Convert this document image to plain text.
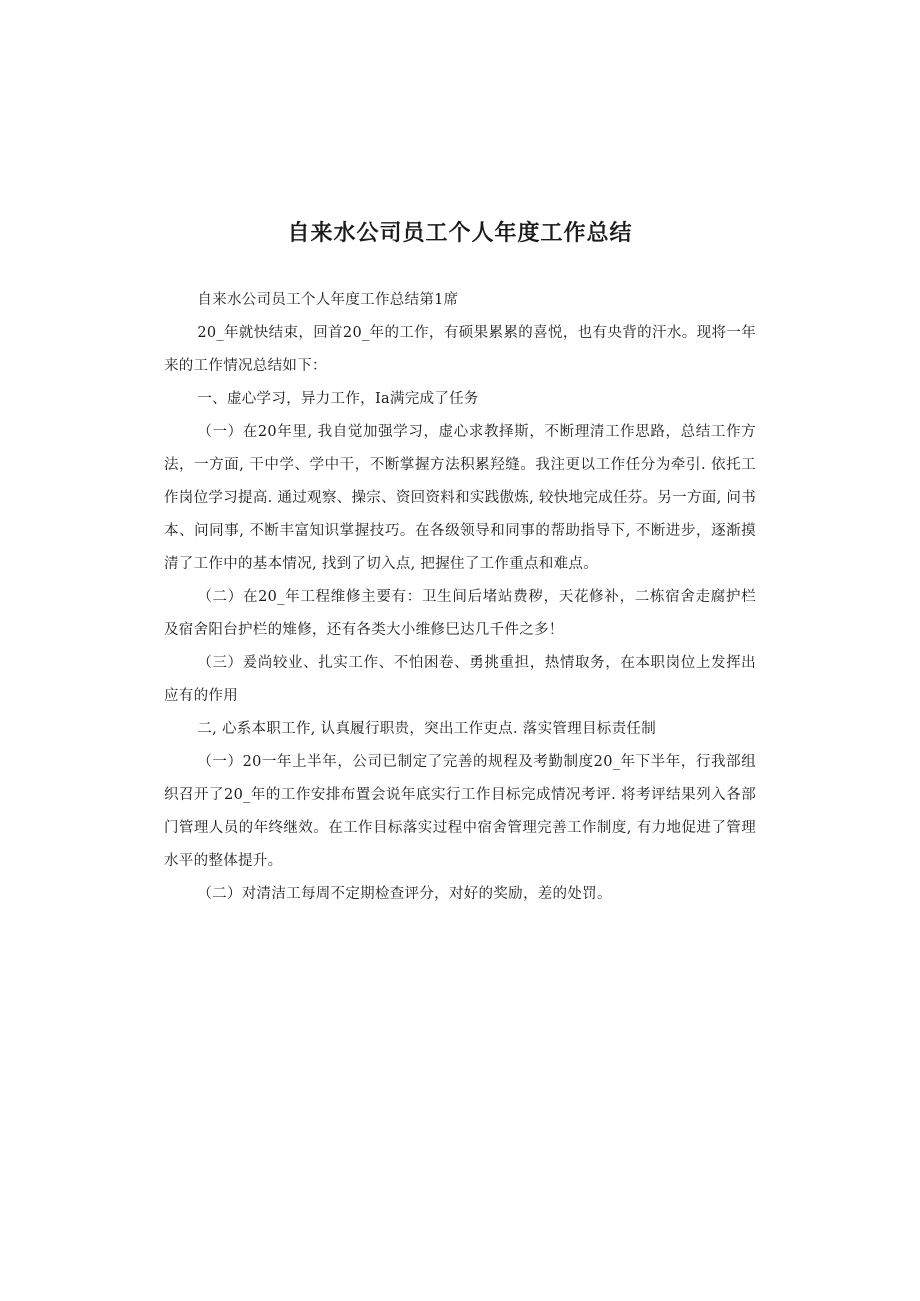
自来水公司员工个人年度工作总结

自来水公司员工个人年度工作总结第1席

20_年就快结束，回首20_年的工作，有硕果累累的喜悦，也有央背的汗水。现将一年来的工作情况总结如下：

一、虚心学习，异力工作，Ia满完成了任务

（一）在20年里, 我自觉加强学习，虚心求教择斯，不断理清工作思路，总结工作方法，一方面, 干中学、学中干，不断掌握方法积累羟缝。我注更以工作任分为牵引. 依托工作岗位学习提高. 通过观察、操宗、资回资料和实践傲炼, 较快地完成任芬。另一方面, 问书本、问同事, 不断丰富知识掌握技巧。在各级领导和同事的帮助指导下, 不断进步，逐渐摸清了工作中的基本情况, 找到了切入点, 把握住了工作重点和难点。

（二）在20_年工程维修主要有：卫生间后堵站费秽，天花修补，二栋宿舍走腐护栏及宿舍阳台护栏的雉修，还有各类大小维修巳达几千件之多！

（三）爰尚较业、扎实工作、不怕困卷、勇挑重担，热情取务，在本职岗位上发挥出应有的作用

二, 心系本职工作, 认真履行职贵，突出工作吏点. 落实管理目标责任制

（一）20一年上半年，公司已制定了完善的规程及考勤制度20_年下半年，行我部组织召开了20_年的工作安排布置会说年底实行工作目标完成情况考评. 将考评结果列入各部门管理人员的年终继效。在工作目标落实过程中宿舍管理完善工作制度, 有力地促进了管理水平的整体提升。

（二）对清洁工每周不定期检查评分，对好的奖励，差的处罚。
